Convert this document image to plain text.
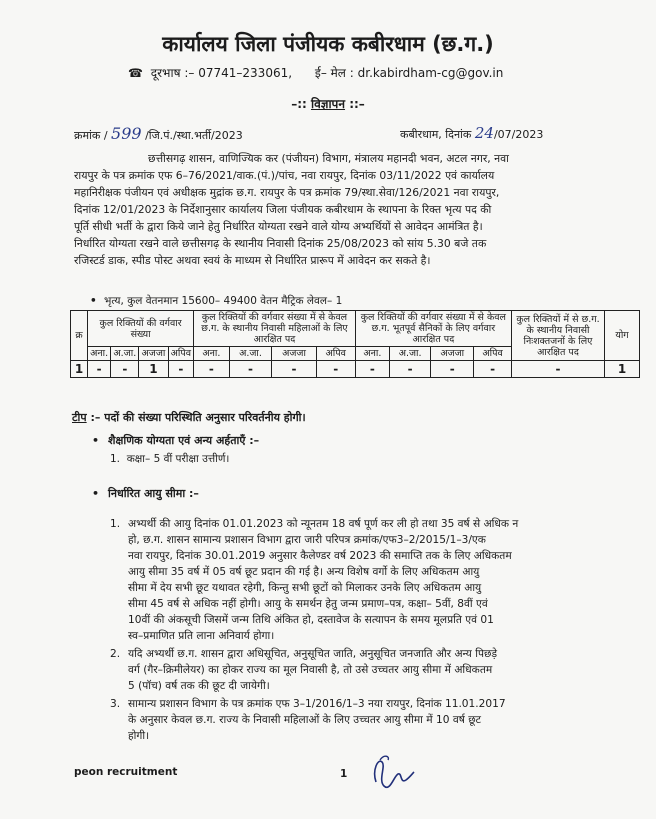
कार्यालय जिला पंजीयक कबीरधाम (छ.ग.)
☎ दूरभाष :– 07741–233061, ई– मेल : dr.kabirdham-cg@gov.in
–:: विज्ञापन ::–
क्रमांक / 599 /जि.पं./स्था.भर्ती/2023	कबीरधाम, दिनांक 24/07/2023
छत्तीसगढ़ शासन, वाणिज्यिक कर (पंजीयन) विभाग, मंत्रालय महानदी भवन, अटल नगर, नवा
रायपुर के पत्र क्रमांक एफ 6–76/2021/वाक.(पं.)/पांच, नवा रायपुर, दिनांक 03/11/2022 एवं कार्यालय
महानिरीक्षक पंजीयन एवं अधीक्षक मुद्रांक छ.ग. रायपुर के पत्र क्रमांक 79/स्था.सेवा/126/2021 नवा रायपुर,
दिनांक 12/01/2023 के निर्देशानुसार कार्यालय जिला पंजीयक कबीरधाम के स्थापना के रिक्त भृत्य पद की
पूर्ति सीधी भर्ती के द्वारा किये जाने हेतु निर्धारित योग्यता रखने वाले योग्य अभ्यर्थियों से आवेदन आमंत्रित है।
निर्धारित योग्यता रखने वाले छत्तीसगढ़ के स्थानीय निवासी दिनांक 25/08/2023 को सांय 5.30 बजे तक
रजिस्टर्ड डाक, स्पीड पोस्ट अथवा स्वयं के माध्यम से निर्धारित प्रारूप में आवेदन कर सकते है।
• भृत्य, कुल वेतनमान 15600– 49400 वेतन मैट्रिक लेवल– 1
क्र	कुल रिक्तियों की वर्गवार संख्या				कुल रिक्तियों की वर्गवार संख्या में से केवल छ.ग. के स्थानीय निवासी महिलाओं के लिए आरक्षित पद				कुल रिक्तियों की वर्गवार संख्या में से केवल छ.ग. भूतपूर्व सैनिकों के लिए वर्गवार आरक्षित पद				कुल रिक्तियों में से छ.ग. के स्थानीय निवासी निःशक्तजनों के लिए आरक्षित पद	योग
	अना.	अ.जा.	अजजा	अपिव	अना.	अ.जा.	अजजा	अपिव	अना.	अ.जा.	अजजा	अपिव		
1	-	-	1	-	-	-	-	-	-	-	-	-	-	1
टीप :– पदों की संख्या परिस्थिति अनुसार परिवर्तनीय होगी।
• शैक्षणिक योग्यता एवं अन्य अर्हताएँ :–
1. कक्षा– 5 वीं परीक्षा उत्तीर्ण।
• निर्धारित आयु सीमा :–
1. अभ्यर्थी की आयु दिनांक 01.01.2023 को न्यूनतम 18 वर्ष पूर्ण कर ली हो तथा 35 वर्ष से अधिक न
हो, छ.ग. शासन सामान्य प्रशासन विभाग द्वारा जारी परिपत्र क्रमांक/एफ3–2/2015/1–3/एक
नवा रायपुर, दिनांक 30.01.2019 अनुसार कैलेण्डर वर्ष 2023 की समाप्ति तक के लिए अधिकतम
आयु सीमा 35 वर्ष में 05 वर्ष छूट प्रदान की गई है। अन्य विशेष वर्गो के लिए अधिकतम आयु
सीमा में देय सभी छूट यथावत रहेगी, किन्तु सभी छूटों को मिलाकर उनके लिए अधिकतम आयु
सीमा 45 वर्ष से अधिक नहीं होगी। आयु के समर्थन हेतु जन्म प्रमाण–पत्र, कक्षा– 5वीं, 8वीं एवं
10वीं की अंकसूची जिसमें जन्म तिथि अंकित हो, दस्तावेज के सत्यापन के समय मूलप्रति एवं 01
स्व–प्रमाणित प्रति लाना अनिवार्य होगा।
2. यदि अभ्यर्थी छ.ग. शासन द्वारा अधिसूचित, अनुसूचित जाति, अनुसूचित जनजाति और अन्य पिछड़े
वर्ग (गैर–क्रिमीलेयर) का होकर राज्य का मूल निवासी है, तो उसे उच्चतर आयु सीमा में अधिकतम
5 (पॉच) वर्ष तक की छूट दी जायेगी।
3. सामान्य प्रशासन विभाग के पत्र क्रमांक एफ 3–1/2016/1–3 नया रायपुर, दिनांक 11.01.2017
के अनुसार केवल छ.ग. राज्य के निवासी महिलाओं के लिए उच्चतर आयु सीमा में 10 वर्ष छूट
होगी।
peon recruitment	1
